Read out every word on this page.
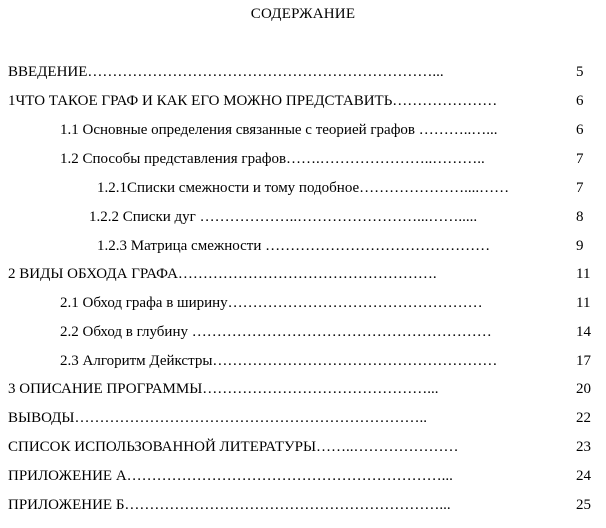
СОДЕРЖАНИЕ
ВВЕДЕНИЕ……………………………………………………………...	5
1ЧТО ТАКОЕ ГРАФ И КАК ЕГО МОЖНО ПРЕДСТАВИТЬ…………………	6
1.1 Основные определения связанные с теорией графов ………..…...	6
1.2 Способы представления графов…….…………………..………..	7
1.2.1Списки смежности и тому подобное…………………....……	7
1.2.2 Списки дуг ………………..……………………...…….....	8
1.2.3 Матрица смежности ………………………………………	9
2 ВИДЫ ОБХОДА ГРАФА…………………………………………….	11
2.1 Обход графа в ширину……………………………………………	11
2.2 Обход в глубину ……………………………………………………	14
2.3 Алгоритм Дейкстры…………………………………………………	17
3 ОПИСАНИЕ ПРОГРАММЫ………………………………………...	20
ВЫВОДЫ……………………………………………………………..	22
СПИСОК ИСПОЛЬЗОВАННОЙ ЛИТЕРАТУРЫ……..…………………	23
ПРИЛОЖЕНИЕ А………………………………………………………...	24
ПРИЛОЖЕНИЕ Б………………………………………………………...	25
